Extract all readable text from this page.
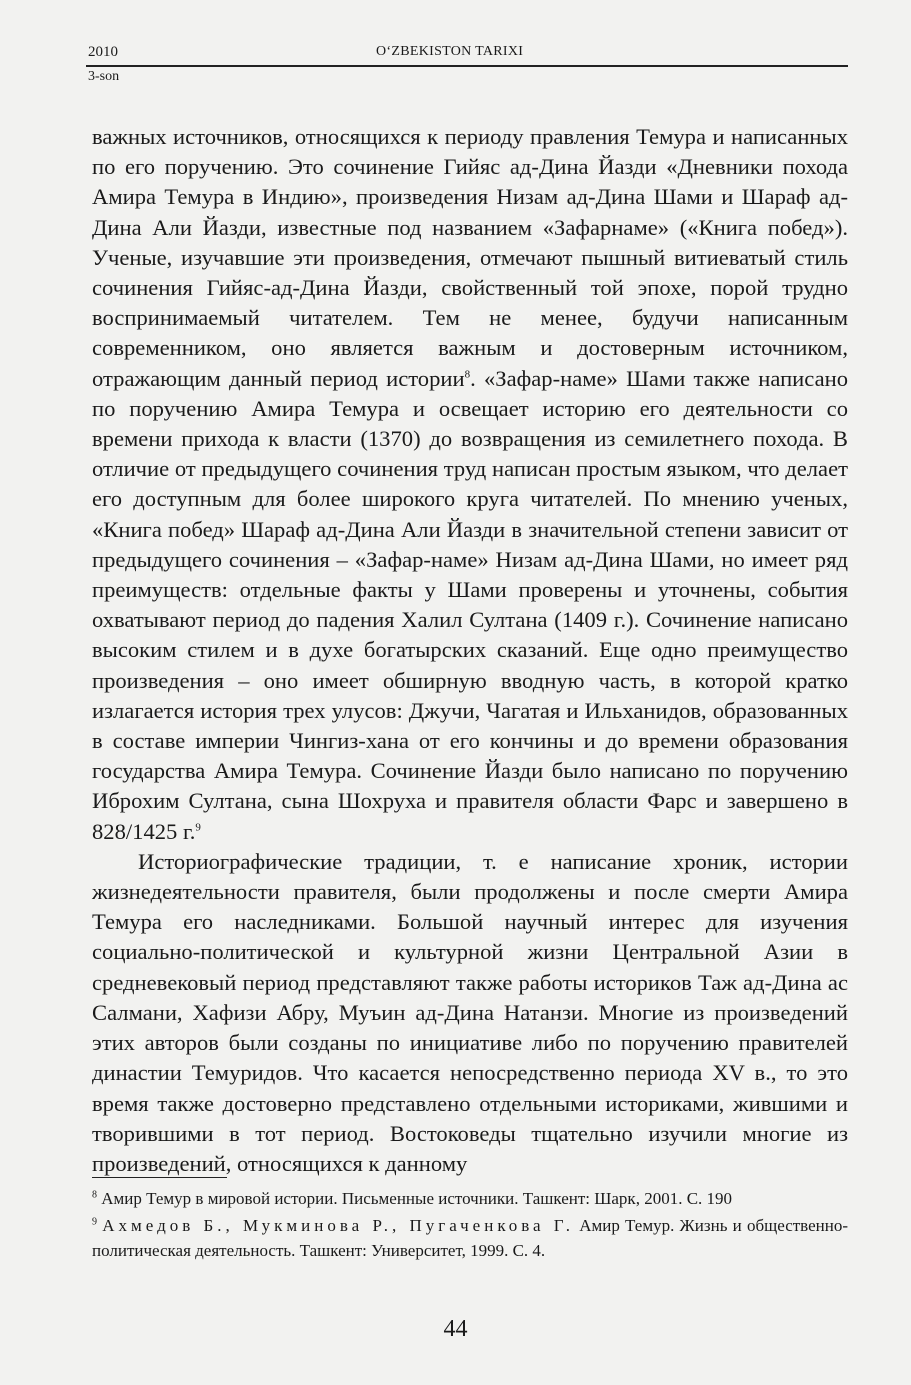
2010	O‘ZBEKISTON TARIXI
3-son

важных источников, относящихся к периоду правления Темура и написанных по его поручению. Это сочинение Гийяс ад-Дина Йазди «Дневники похода Амира Темура в Индию», произведения Низам ад-Дина Шами и Шараф ад-Дина Али Йазди, известные под названием «Зафарнаме» («Книга побед»). Ученые, изучавшие эти произведения, отмечают пышный витиеватый стиль сочинения Гийяс-ад-Дина Йазди, свойственный той эпохе, порой трудно воспринимаемый читателем. Тем не менее, будучи написанным современником, оно является важным и достоверным источником, отражающим данный период истории$^8$. «Зафар-наме» Шами также написано по поручению Амира Темура и освещает историю его деятельности со времени прихода к власти (1370) до возвращения из семилетнего похода. В отличие от предыдущего сочинения труд написан простым языком, что делает его доступным для более широкого круга читателей. По мнению ученых, «Книга побед» Шараф ад-Дина Али Йазди в значительной степени зависит от предыдущего сочинения – «Зафар-наме» Низам ад-Дина Шами, но имеет ряд преимуществ: отдельные факты у Шами проверены и уточнены, события охватывают период до падения Халил Султана (1409 г.). Сочинение написано высоким стилем и в духе богатырских сказаний. Еще одно преимущество произведения – оно имеет обширную вводную часть, в которой кратко излагается история трех улусов: Джучи, Чагатая и Ильханидов, образованных в составе империи Чингиз-хана от его кончины и до времени образования государства Амира Темура. Сочинение Йазди было написано по поручению Иброхим Султана, сына Шохруха и правителя области Фарс и завершено в 828/1425 г.$^9$

Историографические традиции, т. е написание хроник, истории жизнедеятельности правителя, были продолжены и после смерти Амира Темура его наследниками. Большой научный интерес для изучения социально-политической и культурной жизни Центральной Азии в средневековый период представляют также работы историков Таж ад-Дина ас Салмани, Хафизи Абру, Муъин ад-Дина Натанзи. Многие из произведений этих авторов были созданы по инициативе либо по поручению правителей династии Темуридов. Что касается непосредственно периода XV в., то это время также достоверно представлено отдельными историками, жившими и творившими в тот период. Востоковеды тщательно изучили многие из произведений, относящихся к данному

$^8$ Амир Темур в мировой истории. Письменные источники. Ташкент: Шарк, 2001. С. 190

$^9$ Ахмедов Б., Мукминова Р., Пугаченкова Г. Амир Темур. Жизнь и общественно-политическая деятельность. Ташкент: Университет, 1999. С. 4.

44
